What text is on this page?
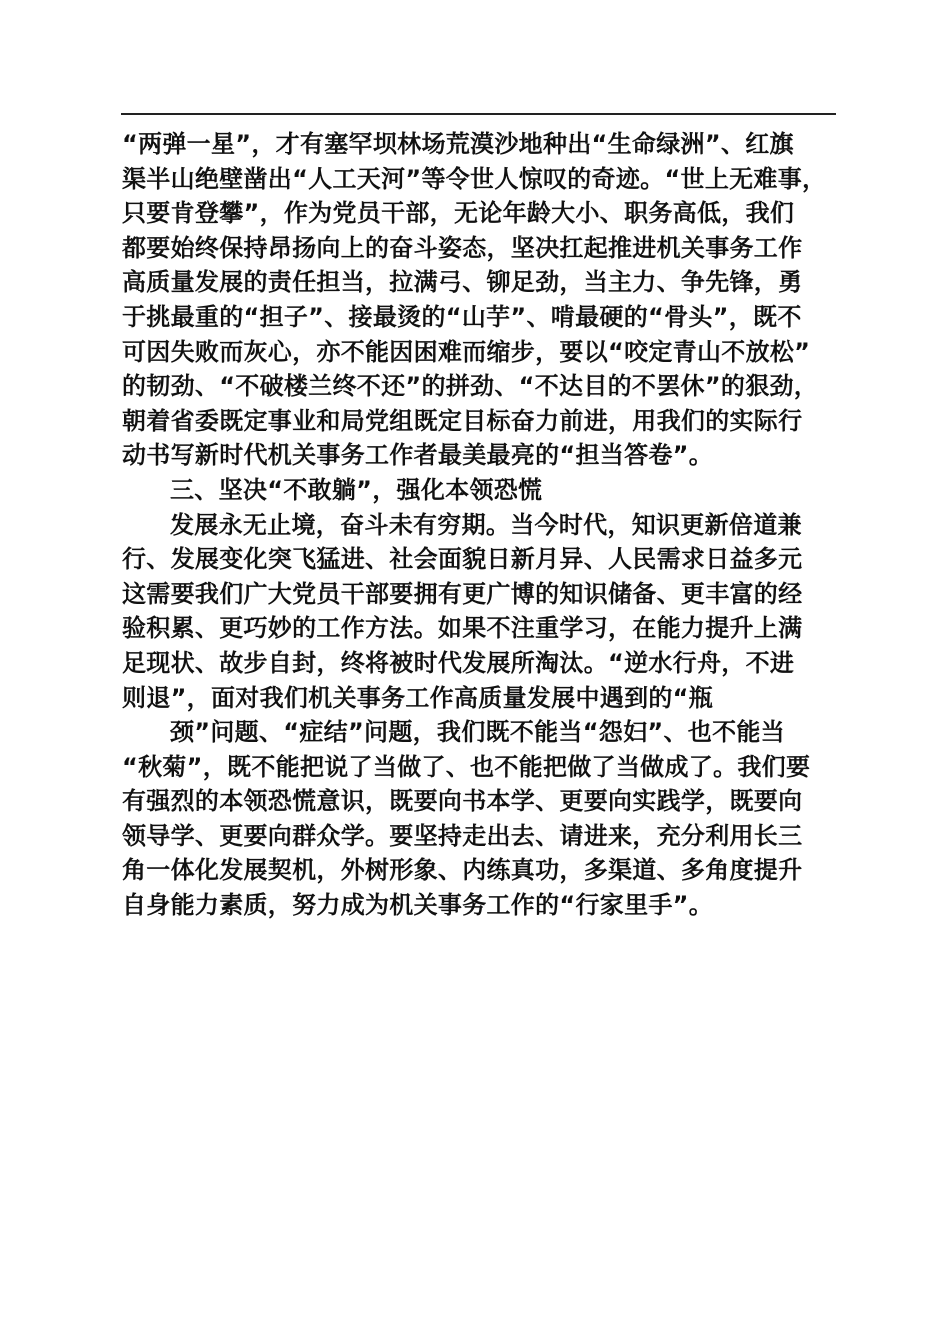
“两弹一星”，才有塞罕坝林场荒漠沙地种出“生命绿洲”、红旗
渠半山绝壁凿出“人工天河”等令世人惊叹的奇迹。“世上无难事，
只要肯登攀”，作为党员干部，无论年龄大小、职务高低，我们
都要始终保持昂扬向上的奋斗姿态，坚决扛起推进机关事务工作
高质量发展的责任担当，拉满弓、铆足劲，当主力、争先锋，勇
于挑最重的“担子”、接最烫的“山芋”、啃最硬的“骨头”，既不
可因失败而灰心，亦不能因困难而缩步，要以“咬定青山不放松”
的韧劲、“不破楼兰终不还”的拼劲、“不达目的不罢休”的狠劲，
朝着省委既定事业和局党组既定目标奋力前进，用我们的实际行
动书写新时代机关事务工作者最美最亮的“担当答卷”。
三、坚决“不敢躺”，强化本领恐慌
发展永无止境，奋斗未有穷期。当今时代，知识更新倍道兼
行、发展变化突飞猛进、社会面貌日新月异、人民需求日益多元
这需要我们广大党员干部要拥有更广博的知识储备、更丰富的经
验积累、更巧妙的工作方法。如果不注重学习，在能力提升上满
足现状、故步自封，终将被时代发展所淘汰。“逆水行舟，不进
则退”，面对我们机关事务工作高质量发展中遇到的“瓶
颈”问题、“症结”问题，我们既不能当“怨妇”、也不能当
“秋菊”，既不能把说了当做了、也不能把做了当做成了。我们要
有强烈的本领恐慌意识，既要向书本学、更要向实践学，既要向
领导学、更要向群众学。要坚持走出去、请进来，充分利用长三
角一体化发展契机，外树形象、内练真功，多渠道、多角度提升
自身能力素质，努力成为机关事务工作的“行家里手”。
